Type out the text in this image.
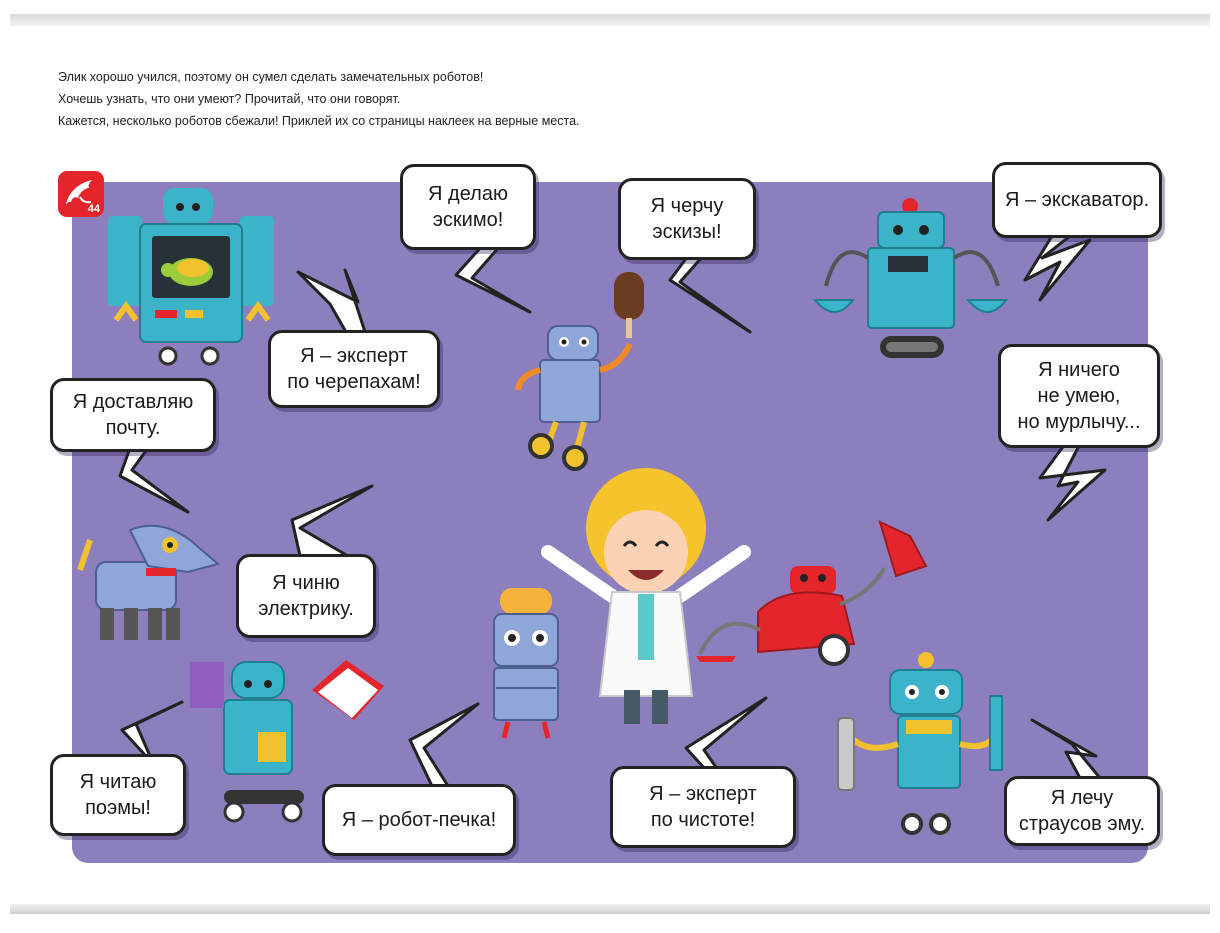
Элик хорошо учился, поэтому он сумел сделать замечательных роботов!
Хочешь узнать, что они умеют? Прочитай, что они говорят.
Кажется, несколько роботов сбежали! Приклей их со страницы наклеек на верные места.
44
Я делаю
эскимо!
Я черчу
эскизы!
Я – экскаватор.
Я – эксперт
по черепахам!
Я доставляю
почту.
Я ничего
не умею,
но мурлычу...
Я чиню
электрику.
Я читаю
поэмы!
Я – робот-печка!
Я – эксперт
по чистоте!
Я лечу
страусов эму.
